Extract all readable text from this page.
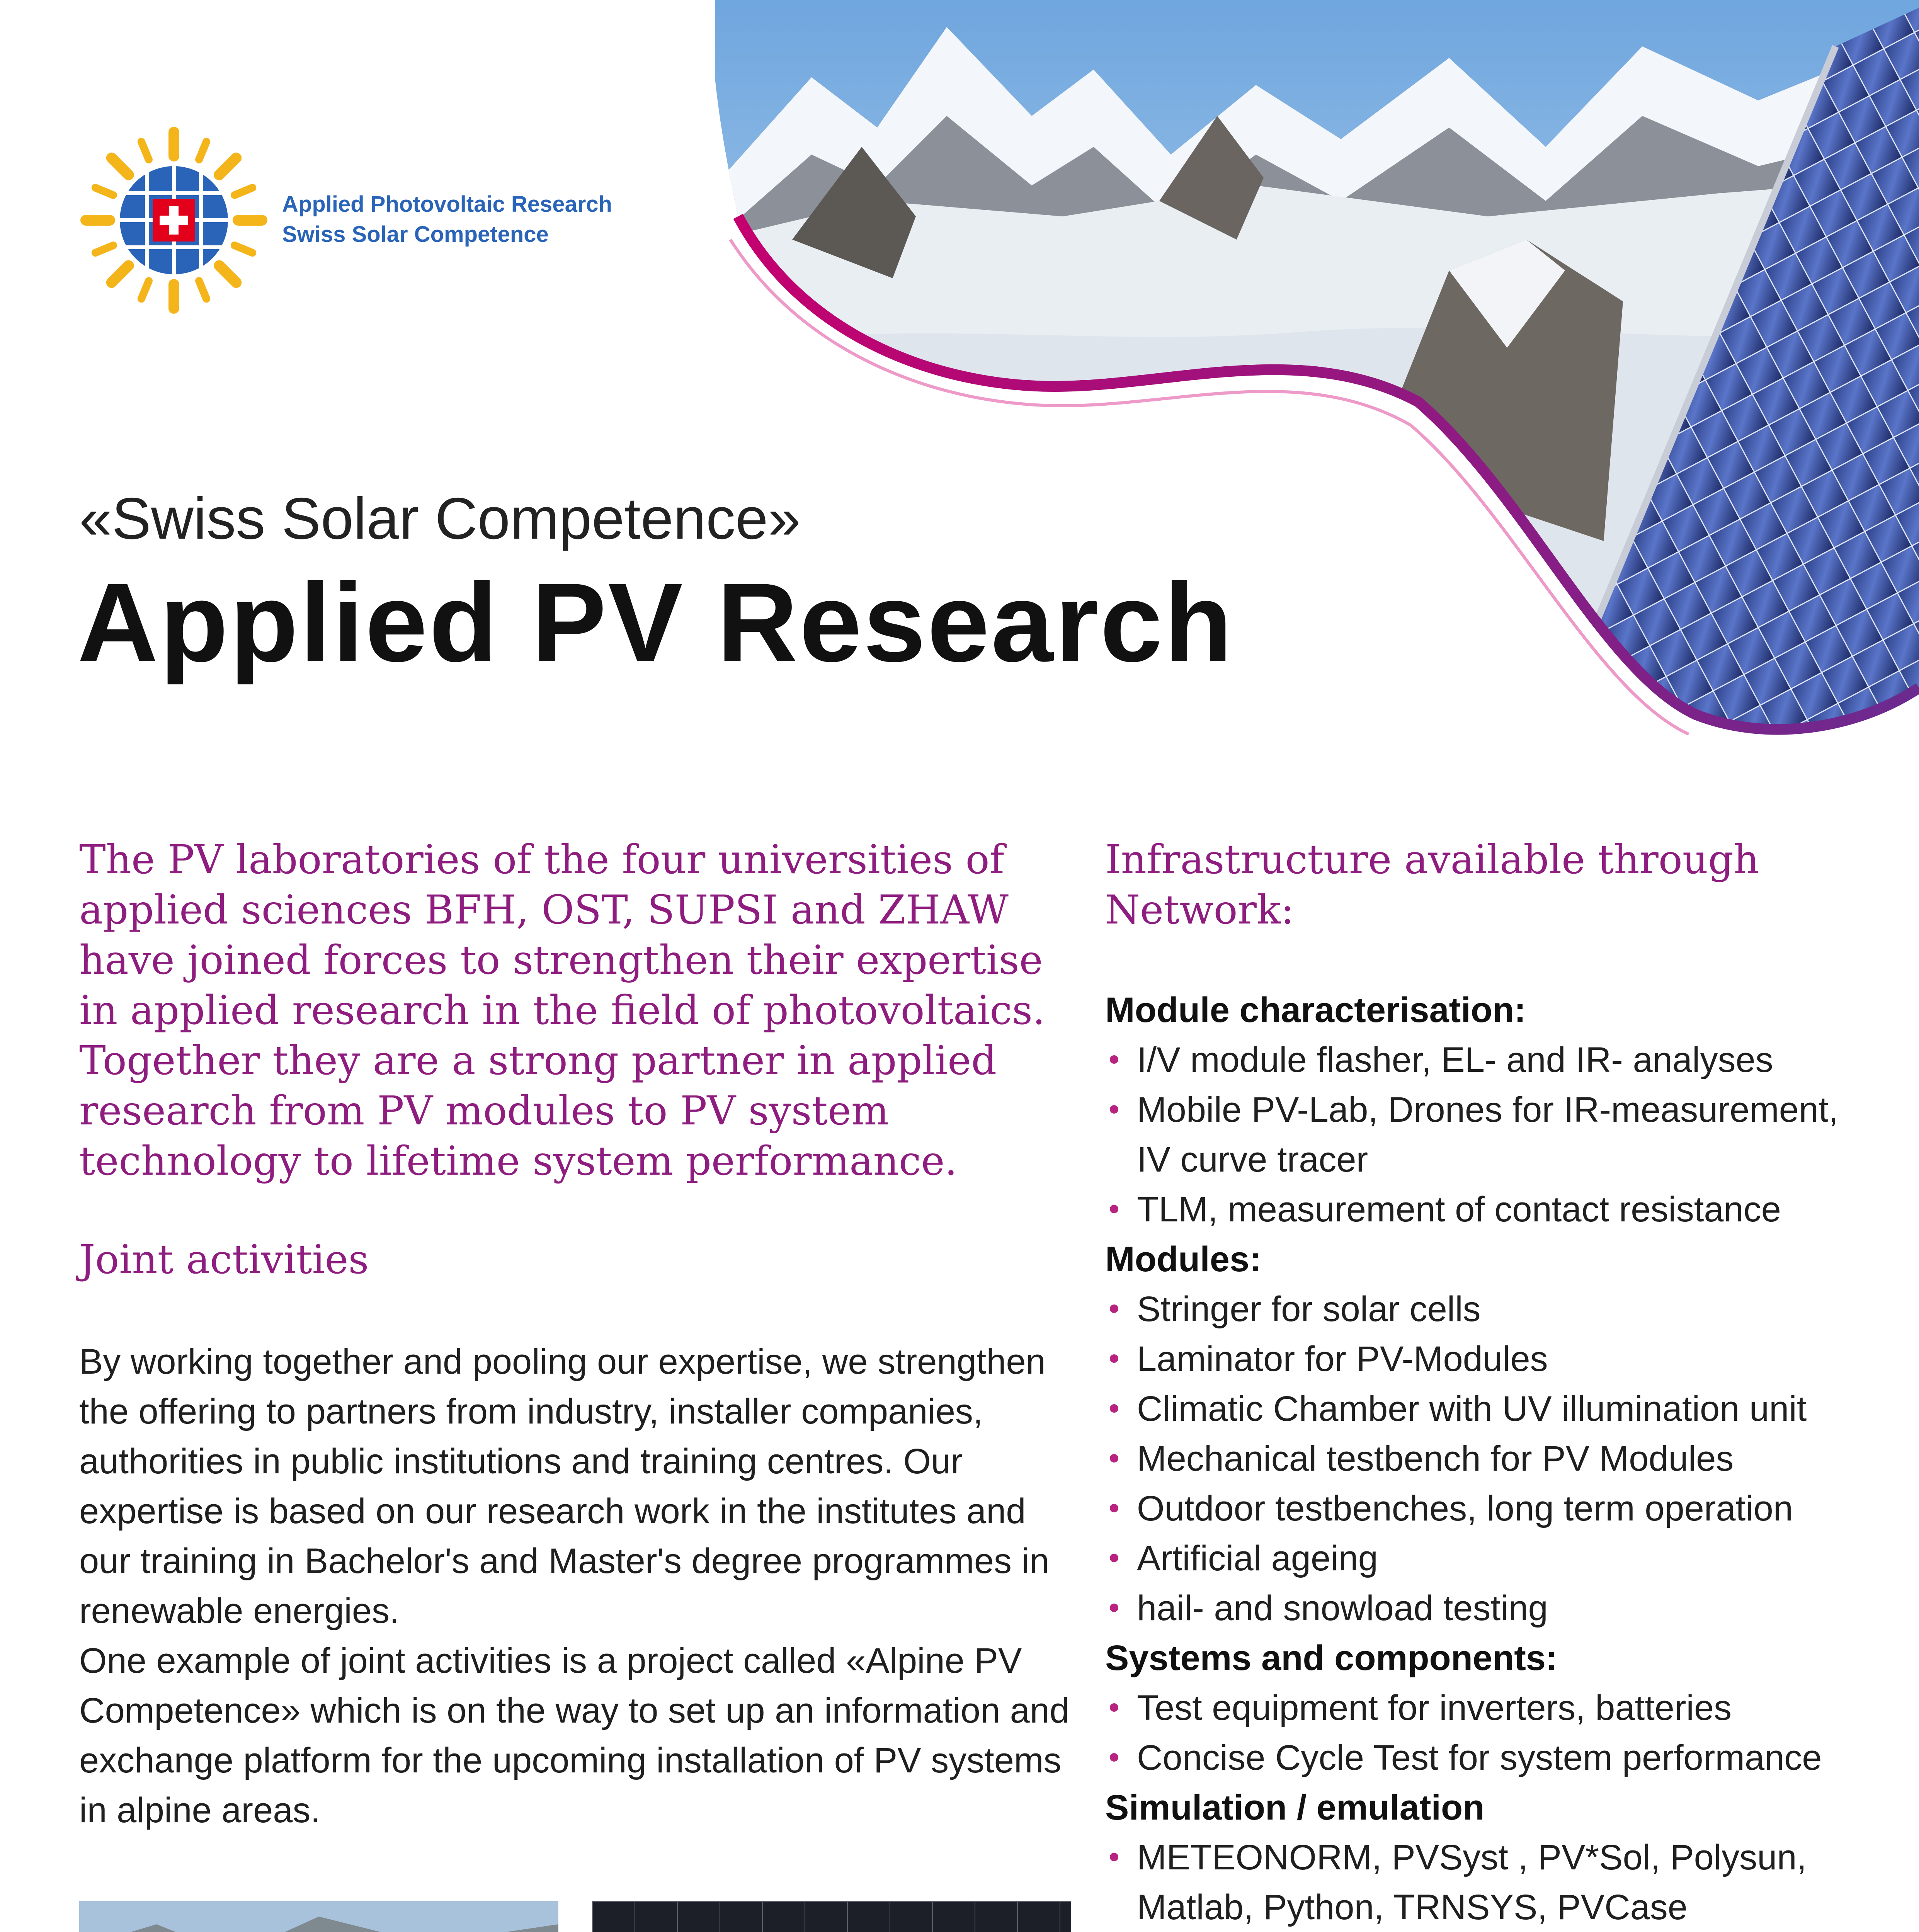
Applied Photovoltaic Research
Swiss Solar Competence
«Swiss Solar Competence»
Applied PV Research
The PV laboratories of the four universities of applied sciences BFH, OST, SUPSI and ZHAW have joined forces to strengthen their expertise in applied research in the field of photovoltaics. Together they are a strong partner in applied research from PV modules to PV system technology to lifetime system performance.
Joint activities

By working together and pooling our expertise, we strengthen the offering to partners from industry, installer companies, authorities in public institutions and training centres. Our expertise is based on our research work in the institutes and our training in Bachelor's and Master's degree programmes in renewable energies.

One example of joint activities is a project called «Alpine PV Competence» which is on the way to set up an information and exchange platform for the upcoming installation of PV systems in alpine areas.

Infrastructure available through Network:
Module characterisation:
I/V module flasher, EL- and IR- analyses
Mobile PV-Lab, Drones for IR-measurement, IV curve tracer
TLM, measurement of contact resistance
Modules:
Stringer for solar cells
Laminator for PV-Modules
Climatic Chamber with UV illumination unit
Mechanical testbench for PV Modules
Outdoor testbenches, long term operation
Artificial ageing
hail- and snowload testing
Systems and components:
Test equipment for inverters, batteries
Concise Cycle Test for system performance
Simulation / emulation
METEONORM, PVSyst , PV*Sol, Polysun, Matlab, Python, TRNSYS, PVCase
